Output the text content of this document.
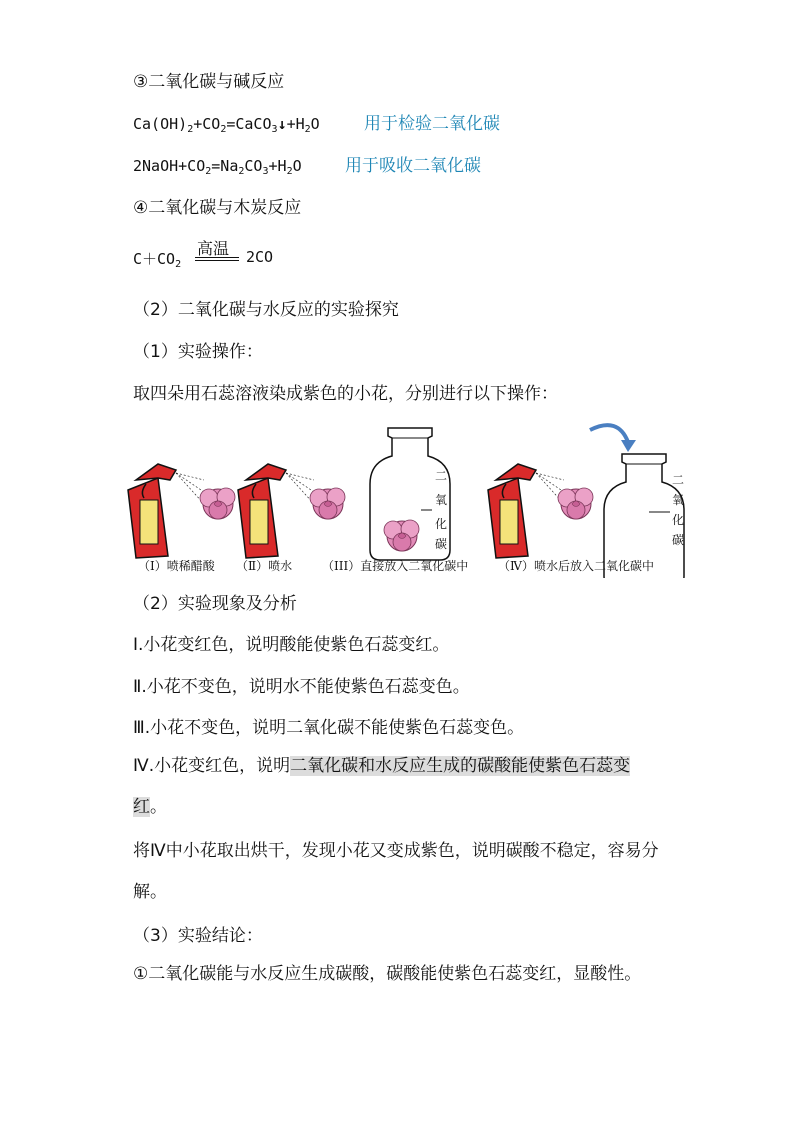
③二氧化碳与碱反应
$Ca(OH)_2+CO_2=CaCO_3↓+H_2O$	用于检验二氧化碳
$2NaOH+CO_2=Na_2CO_3+H_2O$	用于吸收二氧化碳
④二氧化碳与木炭反应
$C+CO_2$
高温 2CO
（2）二氧化碳与水反应的实验探究
（1）实验操作：
取四朵用石蕊溶液染成紫色的小花，分别进行以下操作：
二
氧
化
碳
二
氧
化
碳
（I）喷稀醋酸 （Ⅱ）喷水 （III）直接放入二氧化碳中 （Ⅳ）喷水后放入二氧化碳中
（2）实验现象及分析
Ⅰ.小花变红色，说明酸能使紫色石蕊变红。
Ⅱ.小花不变色，说明水不能使紫色石蕊变色。
Ⅲ.小花不变色，说明二氧化碳不能使紫色石蕊变色。
Ⅳ.小花变红色，说明二氧化碳和水反应生成的碳酸能使紫色石蕊变红。
将Ⅳ中小花取出烘干，发现小花又变成紫色，说明碳酸不稳定，容易分解。
（3）实验结论：
①二氧化碳能与水反应生成碳酸，碳酸能使紫色石蕊变红，显酸性。
